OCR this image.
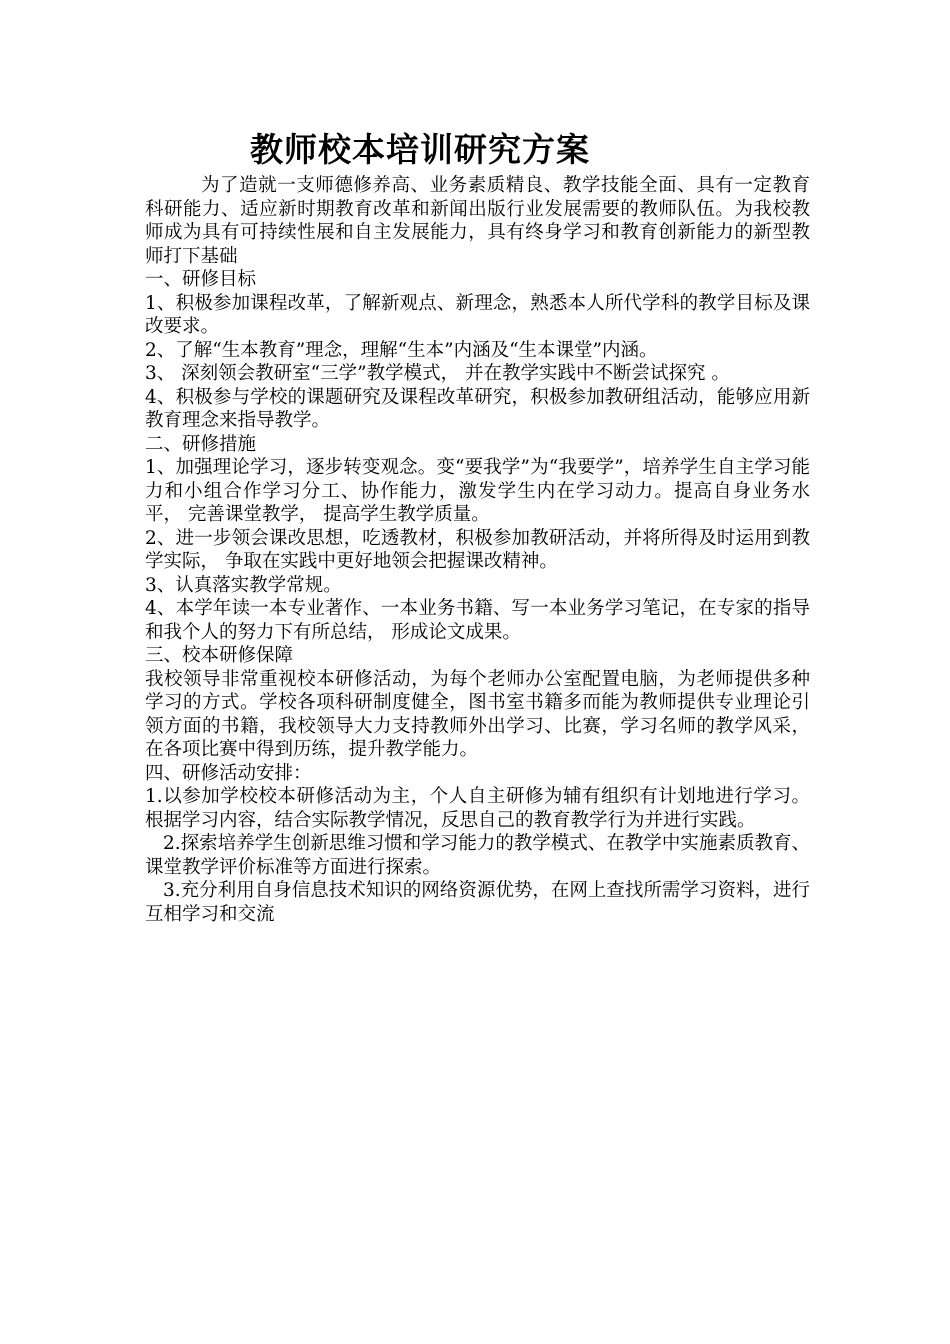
教师校本培训研究方案

为了造就一支师德修养高、业务素质精良、教学技能全面、具有一定教育科研能力、适应新时期教育改革和新闻出版行业发展需要的教师队伍。为我校教师成为具有可持续性展和自主发展能力，具有终身学习和教育创新能力的新型教师打下基础

一、研修目标

1、积极参加课程改革，了解新观点、新理念，熟悉本人所代学科的教学目标及课改要求。

2、了解“生本教育”理念，理解“生本”内涵及“生本课堂”内涵。

3、 深刻领会教研室“三学”教学模式， 并在教学实践中不断尝试探究 。

4、积极参与学校的课题研究及课程改革研究，积极参加教研组活动，能够应用新教育理念来指导教学。

二、研修措施

1、加强理论学习，逐步转变观念。变“要我学”为“我要学”，培养学生自主学习能力和小组合作学习分工、协作能力，激发学生内在学习动力。提高自身业务水平， 完善课堂教学， 提高学生教学质量。

2、进一步领会课改思想，吃透教材，积极参加教研活动，并将所得及时运用到教学实际， 争取在实践中更好地领会把握课改精神。

3、认真落实教学常规。

4、本学年读一本专业著作、一本业务书籍、写一本业务学习笔记，在专家的指导和我个人的努力下有所总结， 形成论文成果。

三、校本研修保障

我校领导非常重视校本研修活动，为每个老师办公室配置电脑，为老师提供多种学习的方式。学校各项科研制度健全，图书室书籍多而能为教师提供专业理论引领方面的书籍，我校领导大力支持教师外出学习、比赛，学习名师的教学风采，在各项比赛中得到历练，提升教学能力。

四、研修活动安排：

1.以参加学校校本研修活动为主，个人自主研修为辅有组织有计划地进行学习。根据学习内容，结合实际教学情况，反思自己的教育教学行为并进行实践。

2.探索培养学生创新思维习惯和学习能力的教学模式、在教学中实施素质教育、课堂教学评价标准等方面进行探索。

3.充分利用自身信息技术知识的网络资源优势，在网上查找所需学习资料，进行互相学习和交流
